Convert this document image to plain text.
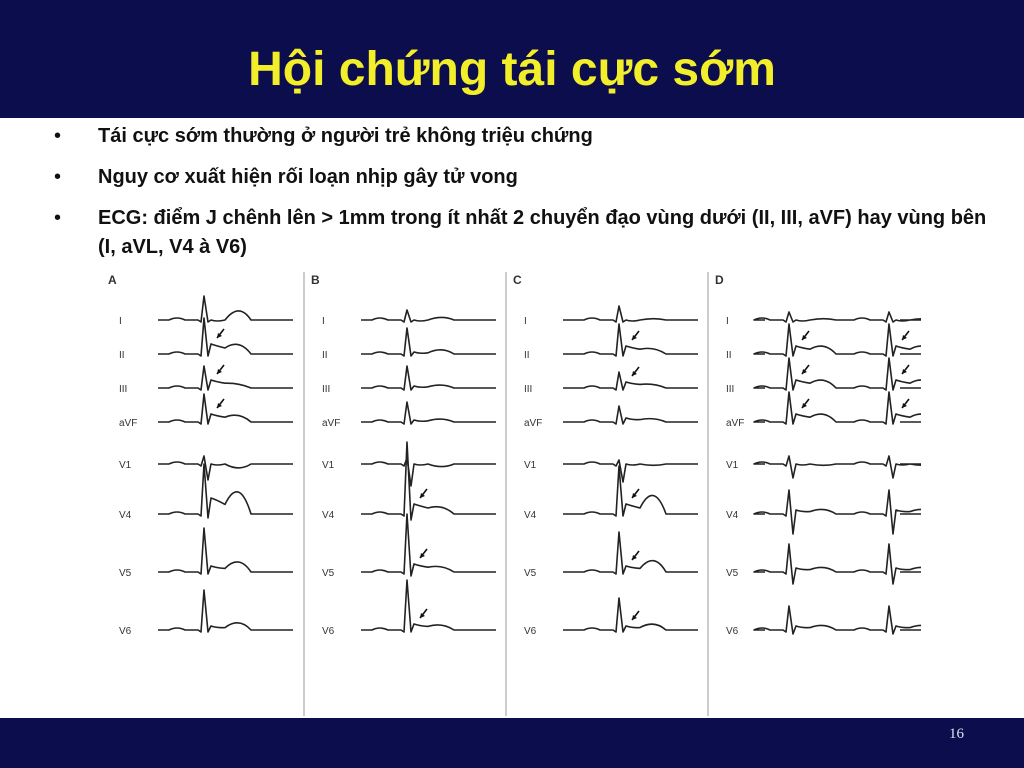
Hội chứng tái cực sớm
• Tái cực sớm thường ở người trẻ không triệu chứng
• Nguy cơ xuất hiện rối loạn nhịp gây tử vong
• ECG: điểm J chênh lên > 1mm trong ít nhất 2 chuyển đạo vùng dưới (II, III, aVF) hay vùng bên (I, aVL, V4 à V6)
A
I
II
III
aVF
V1
V4
V5
V6
B
I
II
III
aVF
V1
V4
V5
V6
C
I
II
III
aVF
V1
V4
V5
V6
D
I
II
III
aVF
V1
V4
V5
V6
16
